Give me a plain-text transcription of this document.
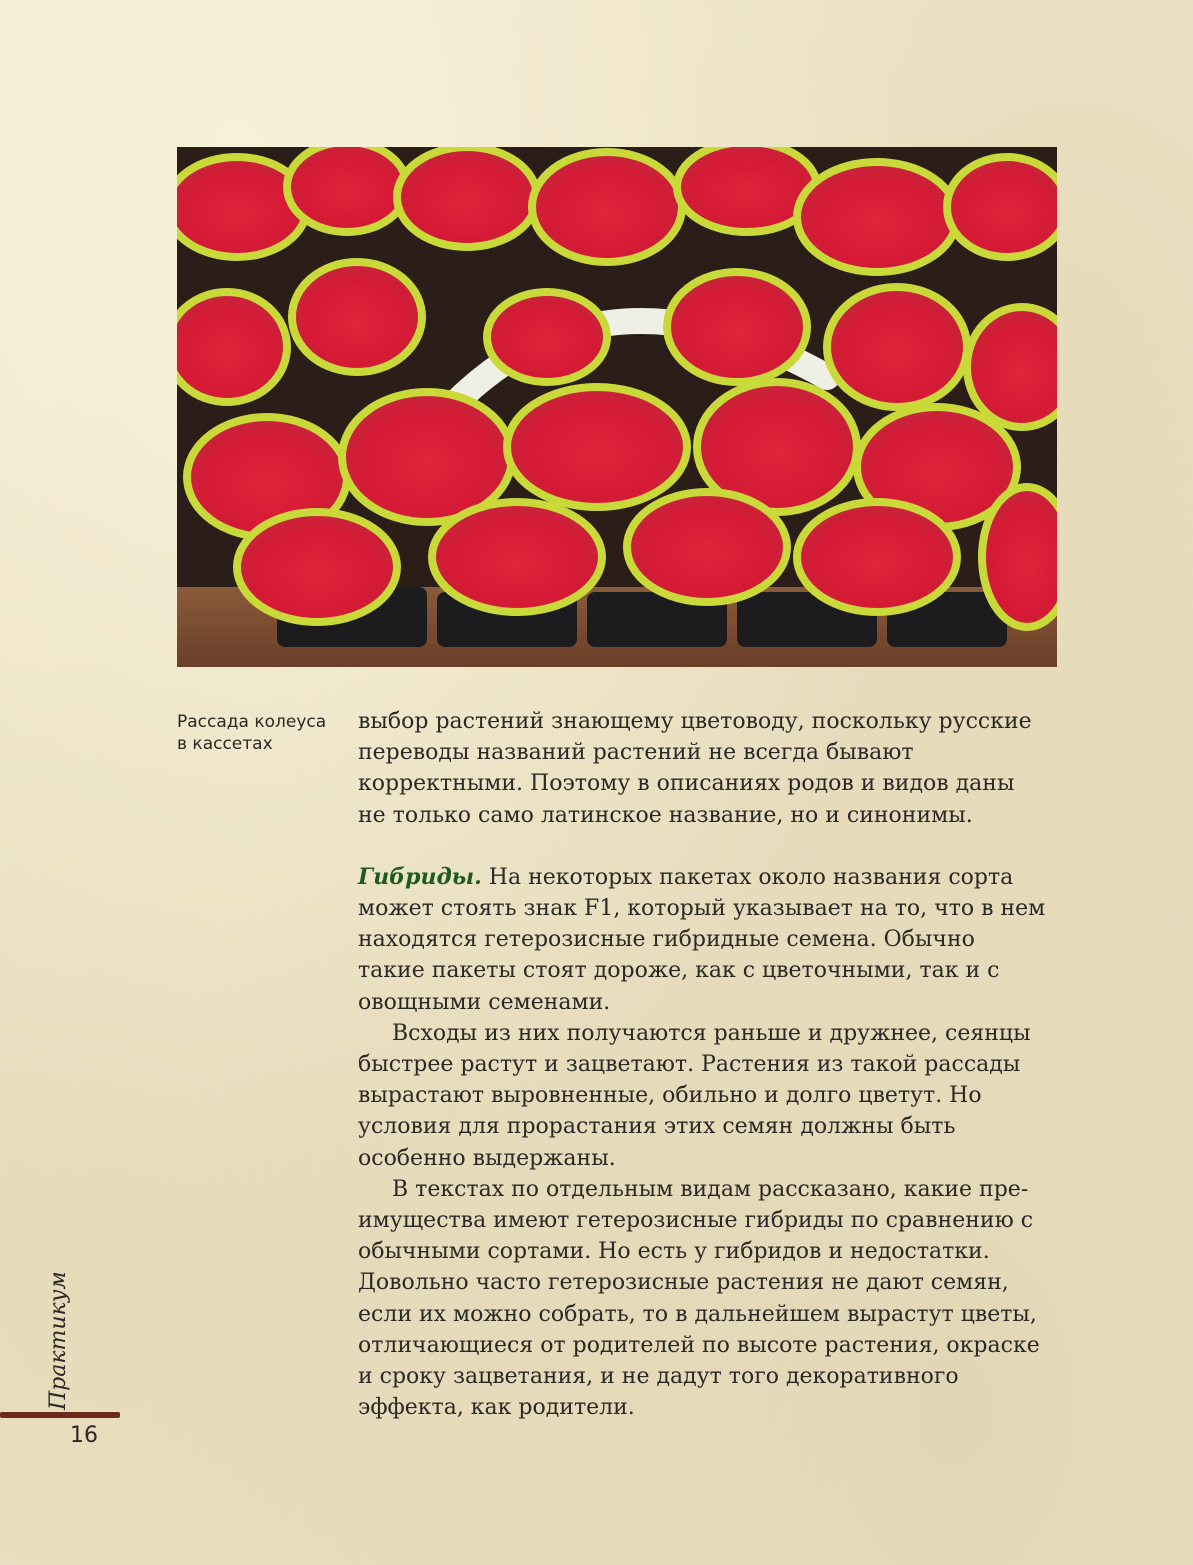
Рассада колеуса
в кассетах

выбор растений знающему цветоводу, поскольку русские переводы названий растений не всегда бывают корректными. Поэтому в описаниях родов и видов даны не только само латинское название, но и синонимы.

Гибриды. На некоторых пакетах около названия сорта может стоять знак F1, который указывает на то, что в нем находятся гетерозисные гибридные семена. Обычно такие пакеты стоят дороже, как с цветочными, так и с овощными семенами.

Всходы из них получаются раньше и дружнее, сеянцы быстрее растут и зацветают. Растения из такой рассады вырастают выровненные, обильно и долго цветут. Но условия для прорастания этих семян должны быть особенно выдержаны.

В текстах по отдельным видам рассказано, какие преимущества имеют гетерозисные гибриды по сравнению с обычными сортами. Но есть у гибридов и недостатки. Довольно часто гетерозисные растения не дают семян, если их можно собрать, то в дальнейшем вырастут цветы, отличающиеся от родителей по высоте растения, окраске и сроку зацветания, и не дадут того декоративного эффекта, как родители.

Практикум
16
